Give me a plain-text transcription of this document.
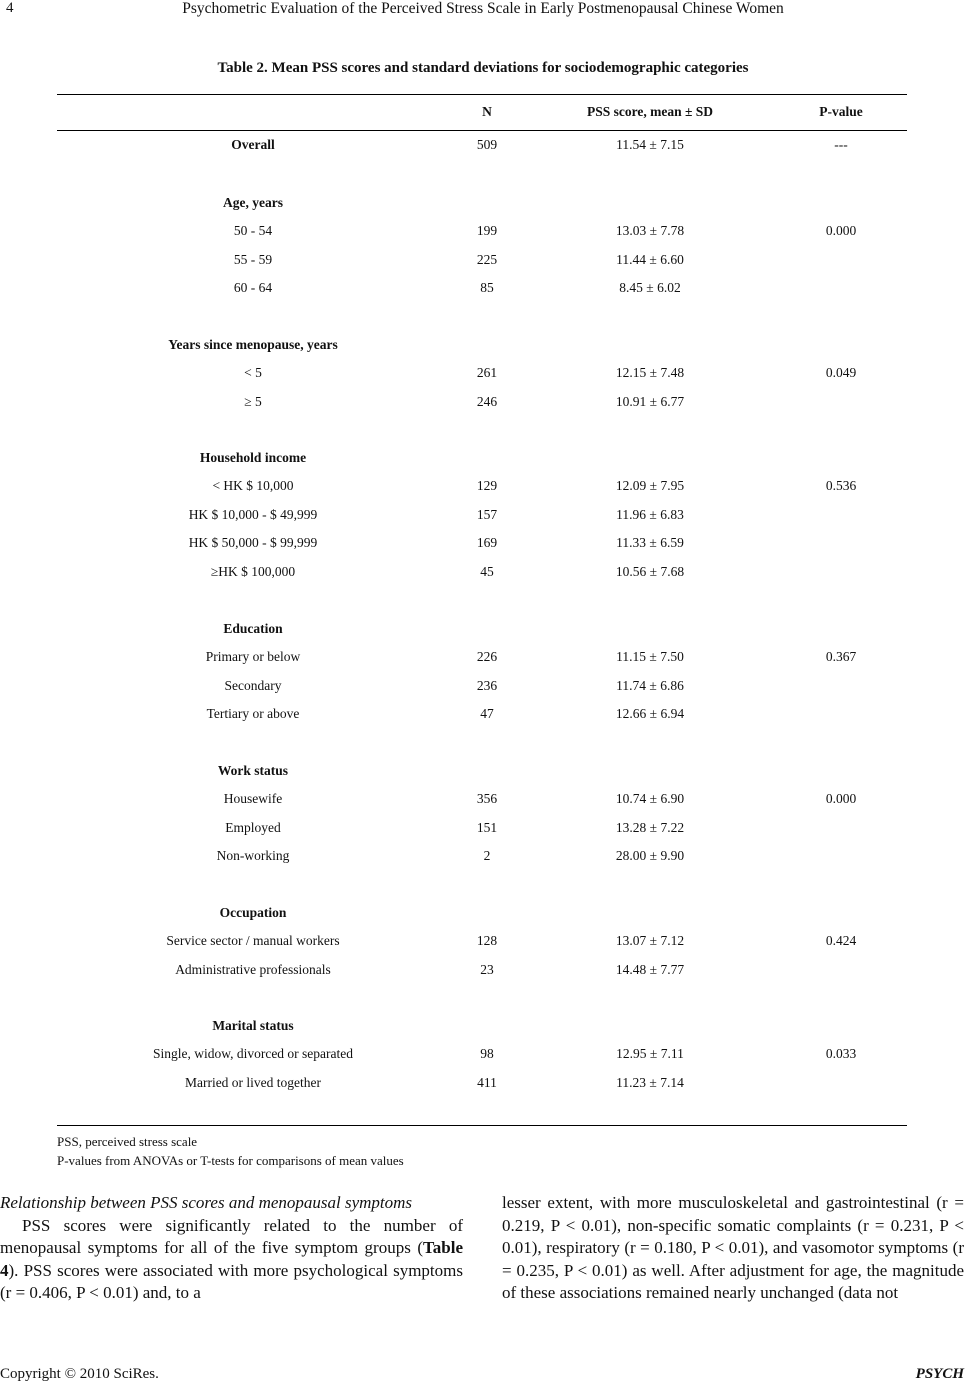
4	Psychometric Evaluation of the Perceived Stress Scale in Early Postmenopausal Chinese Women
Table 2. Mean PSS scores and standard deviations for sociodemographic categories
N	PSS score, mean ± SD	P-value
Overall	509	11.54 ± 7.15	---
Age, years
50 - 54	199	13.03 ± 7.78	0.000
55 - 59	225	11.44 ± 6.60
60 - 64	85	8.45 ± 6.02
Years since menopause, years
< 5	261	12.15 ± 7.48	0.049
≥ 5	246	10.91 ± 6.77
Household income
< HK $ 10,000	129	12.09 ± 7.95	0.536
HK $ 10,000 - $ 49,999	157	11.96 ± 6.83
HK $ 50,000 - $ 99,999	169	11.33 ± 6.59
≥HK $ 100,000	45	10.56 ± 7.68
Education
Primary or below	226	11.15 ± 7.50	0.367
Secondary	236	11.74 ± 6.86
Tertiary or above	47	12.66 ± 6.94
Work status
Housewife	356	10.74 ± 6.90	0.000
Employed	151	13.28 ± 7.22
Non-working	2	28.00 ± 9.90
Occupation
Service sector / manual workers	128	13.07 ± 7.12	0.424
Administrative professionals	23	14.48 ± 7.77
Marital status
Single, widow, divorced or separated	98	12.95 ± 7.11	0.033
Married or lived together	411	11.23 ± 7.14
PSS, perceived stress scale
P-values from ANOVAs or T-tests for comparisons of mean values

Relationship between PSS scores and menopausal symptoms

PSS scores were significantly related to the number of menopausal symptoms for all of the five symptom groups (Table 4). PSS scores were associated with more psychological symptoms (r = 0.406, P < 0.01) and, to a

lesser extent, with more musculoskeletal and gastrointestinal (r = 0.219, P < 0.01), non-specific somatic complaints (r = 0.231, P < 0.01), respiratory (r = 0.180, P < 0.01), and vasomotor symptoms (r = 0.235, P < 0.01) as well. After adjustment for age, the magnitude of these associations remained nearly unchanged (data not

Copyright © 2010 SciRes.	PSYCH
